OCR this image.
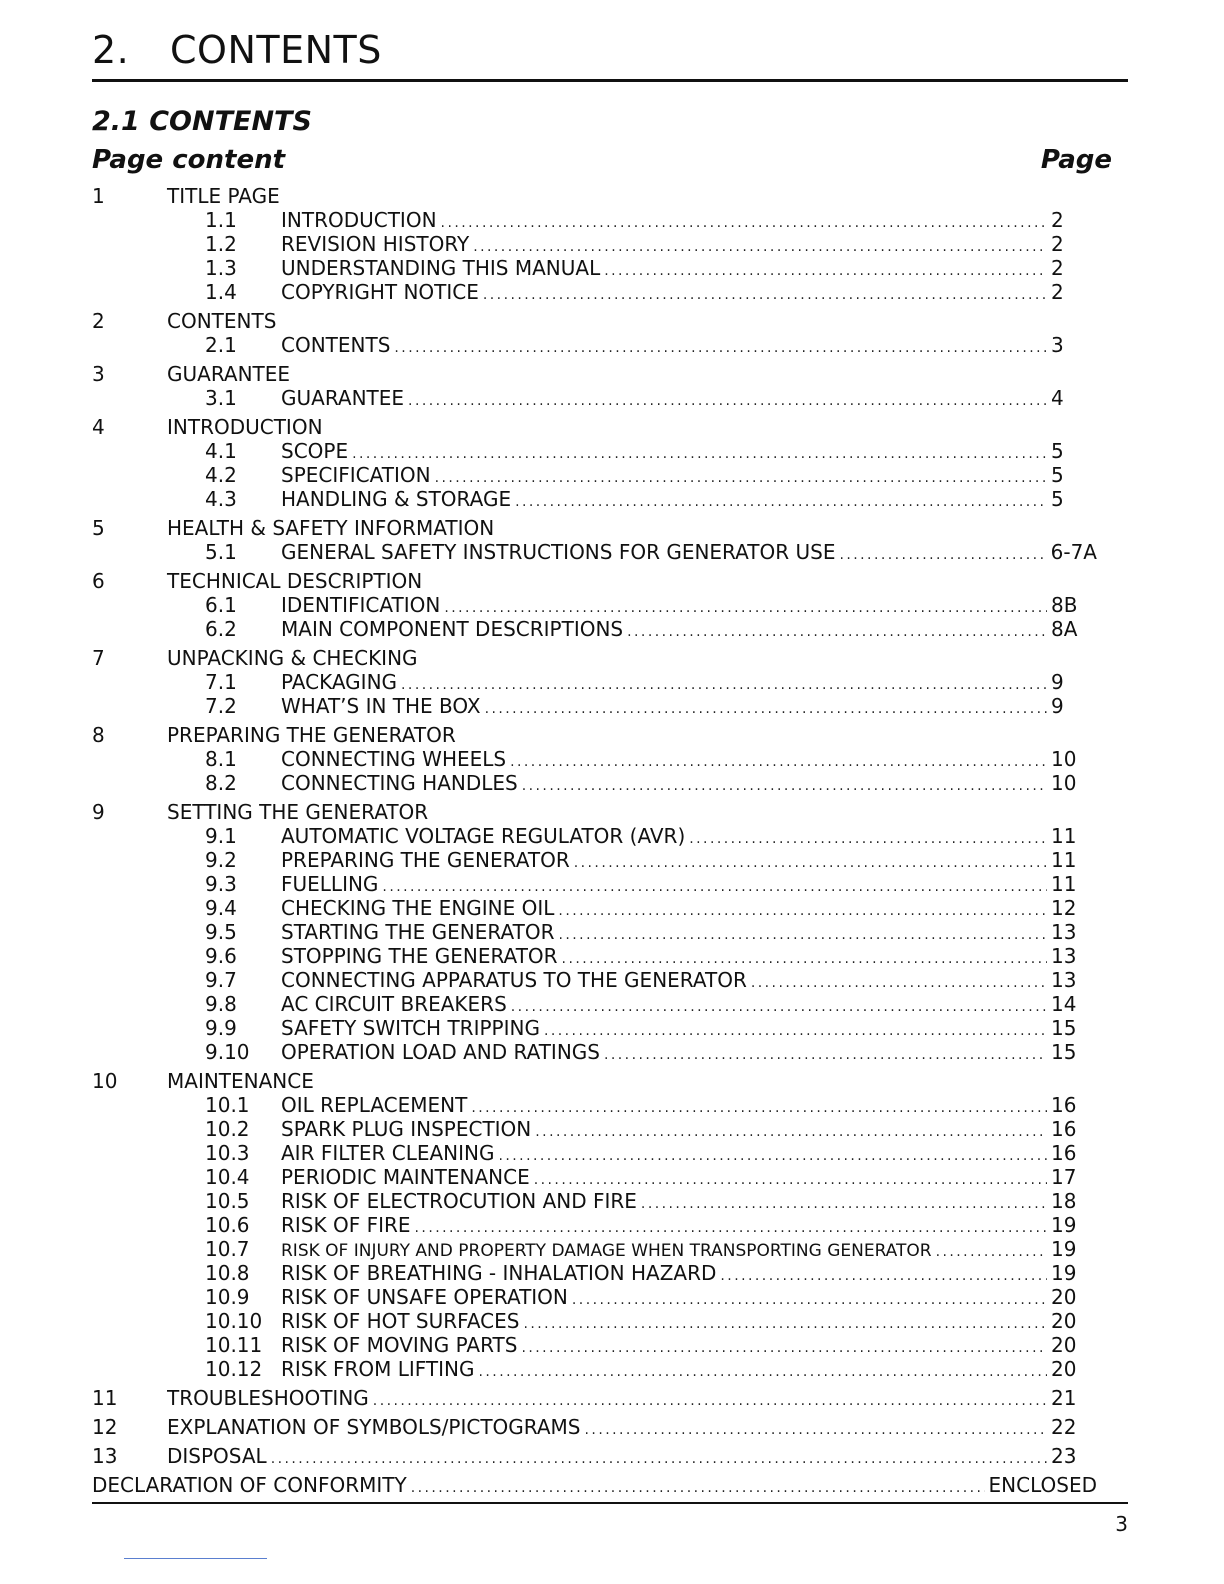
2. CONTENTS
2.1 CONTENTS
Page content	Page
1	TITLE PAGE
1.1 INTRODUCTION . . .	2
1.2 REVISION HISTORY . . .	2
1.3 UNDERSTANDING THIS MANUAL . . .	2
1.4 COPYRIGHT NOTICE . . .	2
2	CONTENTS
2.1 CONTENTS . . .	3
3	GUARANTEE
3.1 GUARANTEE . . .	4
4	INTRODUCTION
4.1 SCOPE . . .	5
4.2 SPECIFICATION . . .	5
4.3 HANDLING & STORAGE . . .	5
5	HEALTH & SAFETY INFORMATION
5.1 GENERAL SAFETY INSTRUCTIONS FOR GENERATOR USE . . .	6-7A
6	TECHNICAL DESCRIPTION
6.1 IDENTIFICATION . . .	8B
6.2 MAIN COMPONENT DESCRIPTIONS . . .	8A
7	UNPACKING & CHECKING
7.1 PACKAGING . . .	9
7.2 WHAT’S IN THE BOX . . .	9
8	PREPARING THE GENERATOR
8.1 CONNECTING WHEELS . . .	10
8.2 CONNECTING HANDLES . . .	10
9	SETTING THE GENERATOR
9.1 AUTOMATIC VOLTAGE REGULATOR (AVR) . . .	11
9.2 PREPARING THE GENERATOR . . .	11
9.3 FUELLING . . .	11
9.4 CHECKING THE ENGINE OIL . . .	12
9.5 STARTING THE GENERATOR . . .	13
9.6 STOPPING THE GENERATOR . . .	13
9.7 CONNECTING APPARATUS TO THE GENERATOR . . .	13
9.8 AC CIRCUIT BREAKERS . . .	14
9.9 SAFETY SWITCH TRIPPING . . .	15
9.10 OPERATION LOAD AND RATINGS . . .	15
10 MAINTENANCE
10.1 OIL REPLACEMENT . . .	16
10.2 SPARK PLUG INSPECTION . . .	16
10.3 AIR FILTER CLEANING . . .	16
10.4 PERIODIC MAINTENANCE . . .	17
10.5 RISK OF ELECTROCUTION AND FIRE . . .	18
10.6 RISK OF FIRE . . .	19
10.7 RISK OF INJURY AND PROPERTY DAMAGE WHEN TRANSPORTING GENERATOR . . .	19
10.8 RISK OF BREATHING - INHALATION HAZARD . . .	19
10.9 RISK OF UNSAFE OPERATION . . .	20
10.10 RISK OF HOT SURFACES . . .	20
10.11 RISK OF MOVING PARTS . . .	20
10.12 RISK FROM LIFTING . . .	20
11 TROUBLESHOOTING . . .	21
12 EXPLANATION OF SYMBOLS/PICTOGRAMS . . .	22
13 DISPOSAL . . .	23
DECLARATION OF CONFORMITY . . .	ENCLOSED
3
